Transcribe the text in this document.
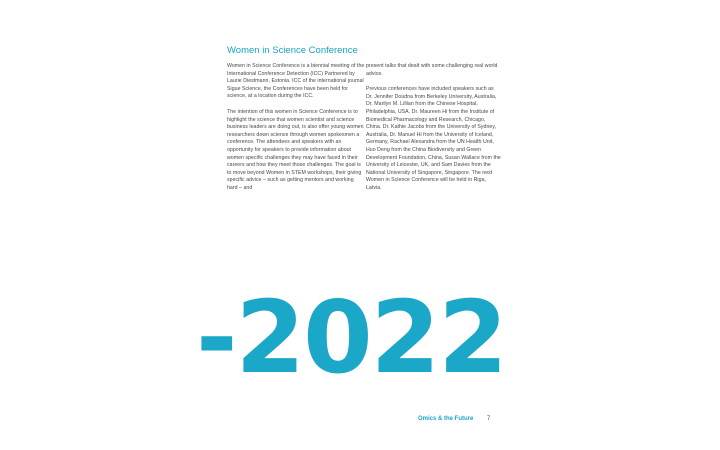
Women in Science Conference

Women in Science Conference is a biennial meeting of the International Conference Detection (ICC) Partnered by Laurie Diestmann, Estonia. ICC of the international journal Sigue Science, the Conferences have been held for science, at a location during the ICC.

The intention of this women in Science Conference is to highlight the science that women scientist and science business leaders are doing out, is also offer young women researchers down science through women spokesmen a conference. The attendees and speakers with an opportunity for speakers to provide information about women specific challenges they may have faced in their careers and how they meet those challenges. The goal is to move beyond Women in STEM workshops, their giving specific advice – such as getting mentors and working hard – and

present talks that dealt with some challenging real world advice.

Previous conferences have included speakers such as Dr. Jennifer Doudna from Berkeley University, Australia, Dr. Marilyn M. Lillian from the Chinese Hospital, Philadelphia, USA, Dr. Maureen Hi from the Institute of Biomedical Pharmacology and Research, Chicago, China. Dr. Kathie Jacobs from the University of Sydney, Australia, Dr. Manuel Hi from the University of Iceland, Germany, Rachael Alexandra from the UN Health Unit, Huo Deng from the China Biodiversity and Green Development Foundation, China, Susan Wallace from the University of Leicester, UK, and Sam Davies from the National University of Singapore, Singapore. The next Women in Science Conference will be held in Riga, Latvia.

-2022
Omics & the Future 7
